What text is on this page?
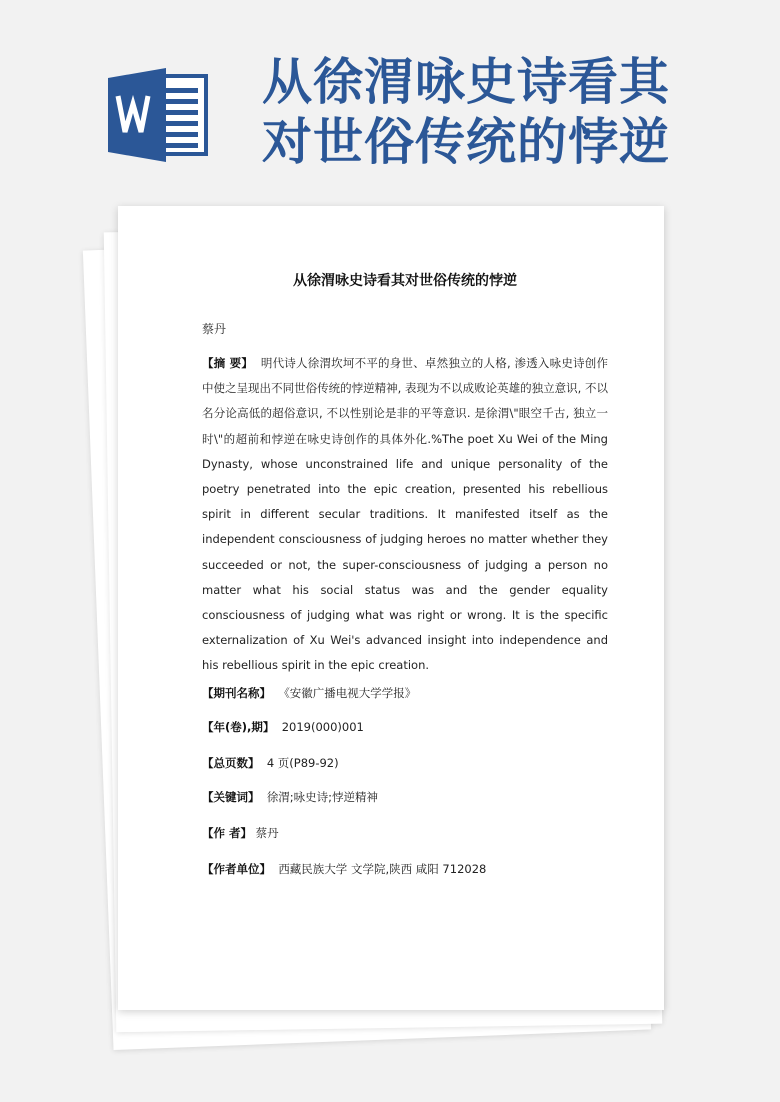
从徐渭咏史诗看其
对世俗传统的悖逆
从徐渭咏史诗看其对世俗传统的悖逆
蔡丹

【摘 要】 明代诗人徐渭坎坷不平的身世、卓然独立的人格, 渗透入咏史诗创作中使之呈现出不同世俗传统的悖逆精神, 表现为不以成败论英雄的独立意识, 不以名分论高低的超俗意识, 不以性别论是非的平等意识. 是徐渭\"眼空千古, 独立一时\"的超前和悖逆在咏史诗创作的具体外化.%The poet Xu Wei of the Ming Dynasty, whose unconstrained life and unique personality of the poetry penetrated into the epic creation, presented his rebellious spirit in different secular traditions. It manifested itself as the independent consciousness of judging heroes no matter whether they succeeded or not, the super-consciousness of judging a person no matter what his social status was and the gender equality consciousness of judging what was right or wrong. It is the specific externalization of Xu Wei's advanced insight into independence and his rebellious spirit in the epic creation.

【期刊名称】 《安徽广播电视大学学报》

【年(卷),期】 2019(000)001

【总页数】 4 页(P89-92)

【关键词】 徐渭;咏史诗;悖逆精神

【作 者】 蔡丹

【作者单位】 西藏民族大学 文学院,陕西 咸阳 712028
